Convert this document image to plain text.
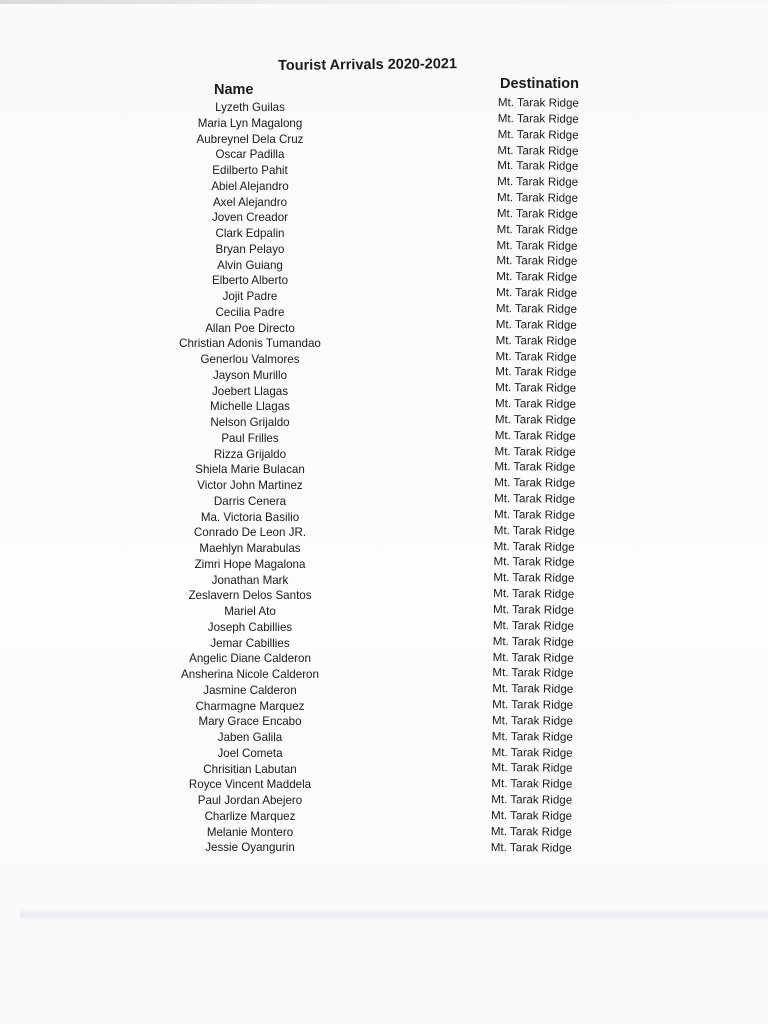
Tourist Arrivals 2020-2021
Name	Destination
Lyzeth Guilas
Maria Lyn Magalong
Aubreynel Dela Cruz
Oscar Padilla
Edilberto Pahit
Abiel Alejandro
Axel Alejandro
Joven Creador
Clark Edpalin
Bryan Pelayo
Alvin Guiang
Elberto Alberto
Jojit Padre
Cecilia Padre
Allan Poe Directo
Christian Adonis Tumandao
Generlou Valmores
Jayson Murillo
Joebert Llagas
Michelle Llagas
Nelson Grijaldo
Paul Frilles
Rizza Grijaldo
Shiela Marie Bulacan
Victor John Martinez
Darris Cenera
Ma. Victoria Basilio
Conrado De Leon JR.
Maehlyn Marabulas
Zimri Hope Magalona
Jonathan Mark
Zeslavern Delos Santos
Mariel Ato
Joseph Cabillies
Jemar Cabillies
Angelic Diane Calderon
Ansherina Nicole Calderon
Jasmine Calderon
Charmagne Marquez
Mary Grace Encabo
Jaben Galila
Joel Cometa
Chrisitian Labutan
Royce Vincent Maddela
Paul Jordan Abejero
Charlize Marquez
Melanie Montero
Jessie Oyangurin
Mt. Tarak Ridge
Mt. Tarak Ridge
Mt. Tarak Ridge
Mt. Tarak Ridge
Mt. Tarak Ridge
Mt. Tarak Ridge
Mt. Tarak Ridge
Mt. Tarak Ridge
Mt. Tarak Ridge
Mt. Tarak Ridge
Mt. Tarak Ridge
Mt. Tarak Ridge
Mt. Tarak Ridge
Mt. Tarak Ridge
Mt. Tarak Ridge
Mt. Tarak Ridge
Mt. Tarak Ridge
Mt. Tarak Ridge
Mt. Tarak Ridge
Mt. Tarak Ridge
Mt. Tarak Ridge
Mt. Tarak Ridge
Mt. Tarak Ridge
Mt. Tarak Ridge
Mt. Tarak Ridge
Mt. Tarak Ridge
Mt. Tarak Ridge
Mt. Tarak Ridge
Mt. Tarak Ridge
Mt. Tarak Ridge
Mt. Tarak Ridge
Mt. Tarak Ridge
Mt. Tarak Ridge
Mt. Tarak Ridge
Mt. Tarak Ridge
Mt. Tarak Ridge
Mt. Tarak Ridge
Mt. Tarak Ridge
Mt. Tarak Ridge
Mt. Tarak Ridge
Mt. Tarak Ridge
Mt. Tarak Ridge
Mt. Tarak Ridge
Mt. Tarak Ridge
Mt. Tarak Ridge
Mt. Tarak Ridge
Mt. Tarak Ridge
Mt. Tarak Ridge
